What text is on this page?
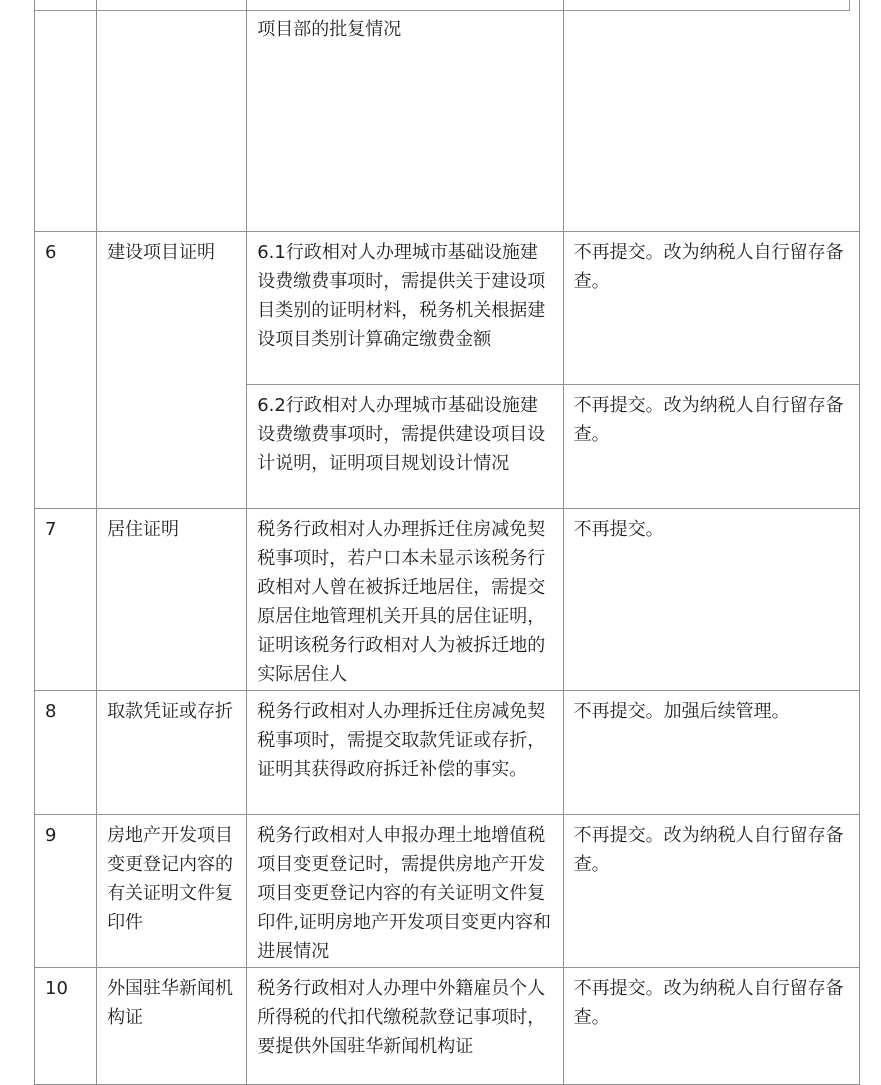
		项目部的批复情况	
6	建设项目证明	6.1行政相对人办理城市基础设施建设费缴费事项时，需提供关于建设项目类别的证明材料，税务机关根据建设项目类别计算确定缴费金额	不再提交。改为纳税人自行留存备查。
		6.2行政相对人办理城市基础设施建设费缴费事项时，需提供建设项目设计说明，证明项目规划设计情况	不再提交。改为纳税人自行留存备查。
7	居住证明	税务行政相对人办理拆迁住房减免契税事项时，若户口本未显示该税务行政相对人曾在被拆迁地居住，需提交原居住地管理机关开具的居住证明，证明该税务行政相对人为被拆迁地的实际居住人	不再提交。
8	取款凭证或存折	税务行政相对人办理拆迁住房减免契税事项时，需提交取款凭证或存折，证明其获得政府拆迁补偿的事实。	不再提交。加强后续管理。
9	房地产开发项目变更登记内容的有关证明文件复印件	税务行政相对人申报办理土地增值税项目变更登记时，需提供房地产开发项目变更登记内容的有关证明文件复印件,证明房地产开发项目变更内容和进展情况	不再提交。改为纳税人自行留存备查。
10	外国驻华新闻机构证	税务行政相对人办理中外籍雇员个人所得税的代扣代缴税款登记事项时，要提供外国驻华新闻机构证	不再提交。改为纳税人自行留存备查。
